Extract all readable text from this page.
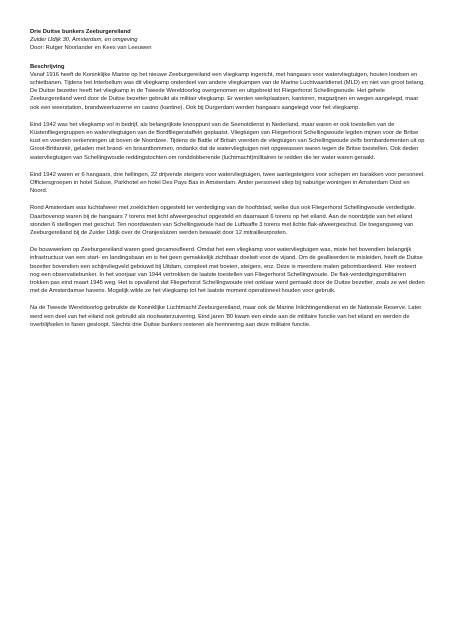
Drie Duitse bunkers Zeeburgereiland

Zuider IJdijk 30, Amsterdam, en omgeving

Door: Rutger Noorlander en Kees van Leeuwen

Beschrijving

Vanaf 1916 heeft de Koninklijke Marine op het nieuwe Zeeburgereiland een vliegkamp ingericht, met hangaars voor watervliegtuigen, houten loodsen en schietbanen. Tijdens het Interbellum was dit vliegkamp onderdeel van andere vliegkampen van de Marine Luchtvaartdienst (MLD) en niet van groot belang. De Duitse bezetter heeft het vliegkamp in de Tweede Wereldoorlog overgenomen en uitgebreid tot Fliegerhorst Schellingwoude. Het gehele Zeeburgereiland werd door de Duitse bezetter gebruikt als militair vliegkamp. Er werden werkplaatsen, kantoren, magazijnen en wegen aangelegd, maar ook een weerstation, brandweerkazerne en casino (kantine). Ook bij Durgerdam werden hangaars aangelegd voor het vliegkamp.

Eind 1942 was het vliegkamp vol in bedrijf, als belangrijkste knooppunt van de Seenotdienst in Nederland, maar waren er ook toestellen van de Küstenfliegergruppen en watervliegtuigen van de Bordfliegerstaffeln geplaatst. Vliegtuigen van Fliegerhorst Schellingwoude legden mijnen voor de Britse kust en voerden verkenningen uit boven de Noordzee. Tijdens de Battle of Britain voerden de vliegtuigen van Schellingwoude zelfs bombardementen uit op Groot-Brittannië, geladen met brand- en brisantbommen, ondanks dat de watervliegtuigen niet opgewassen waren tegen de Britse toestellen. Ook deden watervliegtuigen van Schellingwoude reddingstochten om ronddobberende (luchtmacht)militairen te redden die ter water waren geraakt.

Eind 1942 waren er 6 hangaars, drie hellingen, 22 drijvende steigers voor watervliegtuigen, twee aanlegsteigers voor schepen en barakken voor personeel. Officiersgroepen in hotel Suisse, Parkhotel en hotel Des Pays Bas in Amsterdam. Ander personeel sliep bij naburige woningen in Amsterdam Oost en Noord.

Rond Amsterdam was luchtafweer met zoeklichten opgesteld ter verdediging van de hoofdstad, welke dus ook Fliegerhorst Schellingwoude verdedigde. Daarbovenop waren bij de hangaars 7 torens met licht afweergeschut opgesteld en daarnaast 6 torens op het eiland. Aan de noordzijde van het eiland stonden 6 stellingen met geschut. Ten noordwesten van Schellingwoude had de Luftwaffe 3 torens met lichte flak-afweergeschut. De toegangsweg van Zeeburgereiland bij de Zuider IJdijk over de Oranjesluizen werden bewaakt door 12 mitrailleurposten.

De bouwwerken op Zeeburgereiland waren goed gecamoufleerd. Omdat het een vliegkamp voor watervliegtuigen was, miste het bovendien belangrijk infrastructuur van een start- en landingsbaan en is het geen gemakkelijk zichtbaar doelwit voor de vijand. Om de geallieerden te misleiden, heeft de Duitse bezetter bovendien een schijnvliegveld gebouwd bij Uitdam, compleet met boeien, steigers, enz. Deze is meerdere malen gebombardeerd. Hier resteert nog een observatiebunker. In het voorjaar van 1944 vertrokken de laatste toestellen van Fliegerhorst Schellingwoude. De flak-verdedigingsmilitairen trokken pas eind maart 1945 weg. Het is opvallend dat Fliegerhorst Schellingwoude niet onklaar werd gemaakt door de Duitse bezetter, zoals ze wel deden met de Amsterdamse havens. Mogelijk wilde ze het vliegkamp tot het laatste moment operationeel houden voor gebruik.

Na de Tweede Wereldoorlog gebruikte de Koninklijke Luchtmacht Zeeburgereiland, maar ook de Marine Inlichtingendienst en de Nationale Reserve. Later werd een deel van het eiland ook gebruikt als rioolwaterzuivering. Eind jaren '80 kwam een einde aan de militaire functie van het eiland en werden de overblijfselen in fasen gesloopt. Slechts drie Duitse bunkers resteren als herinnering aan deze militaire functie.
